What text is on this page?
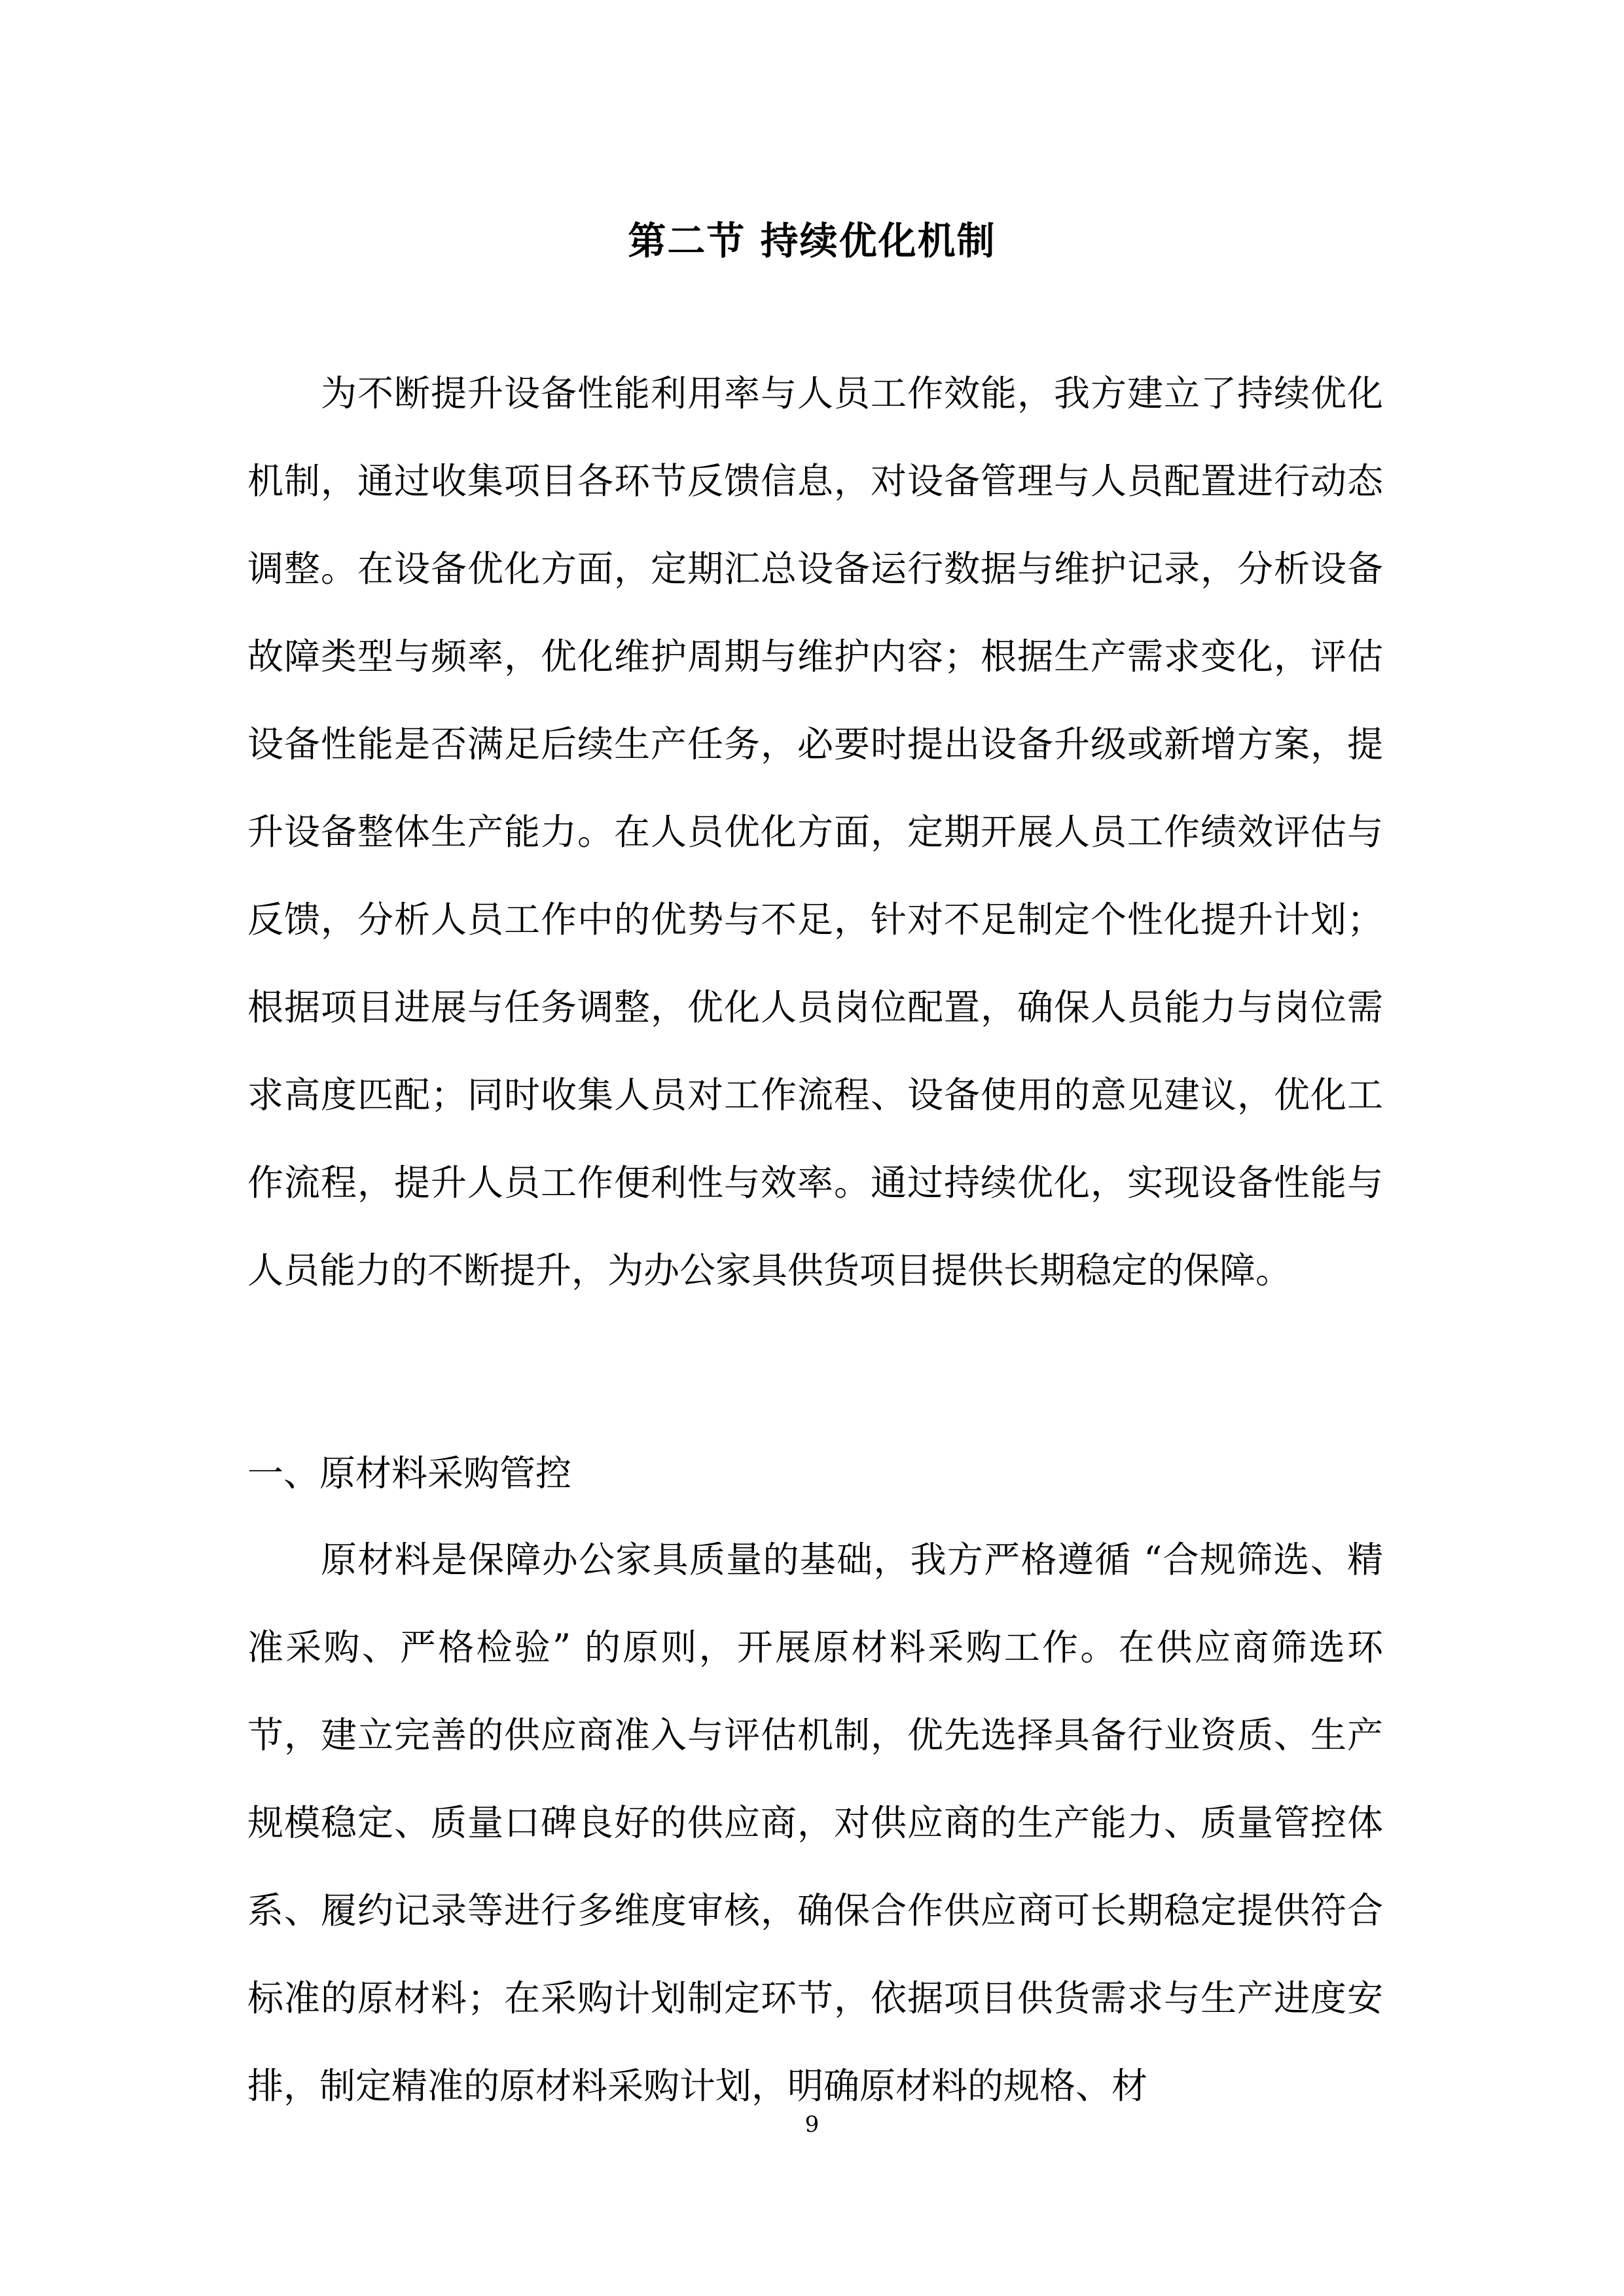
第二节 持续优化机制

为不断提升设备性能利用率与人员工作效能，我方建立了持续优化机制，通过收集项目各环节反馈信息，对设备管理与人员配置进行动态调整。在设备优化方面，定期汇总设备运行数据与维护记录，分析设备故障类型与频率，优化维护周期与维护内容；根据生产需求变化，评估设备性能是否满足后续生产任务，必要时提出设备升级或新增方案，提升设备整体生产能力。在人员优化方面，定期开展人员工作绩效评估与反馈，分析人员工作中的优势与不足，针对不足制定个性化提升计划；根据项目进展与任务调整，优化人员岗位配置，确保人员能力与岗位需求高度匹配；同时收集人员对工作流程、设备使用的意见建议，优化工作流程，提升人员工作便利性与效率。通过持续优化，实现设备性能与人员能力的不断提升，为办公家具供货项目提供长期稳定的保障。

一、原材料采购管控

原材料是保障办公家具质量的基础，我方严格遵循 “合规筛选、精准采购、严格检验” 的原则，开展原材料采购工作。在供应商筛选环节，建立完善的供应商准入与评估机制，优先选择具备行业资质、生产规模稳定、质量口碑良好的供应商，对供应商的生产能力、质量管控体系、履约记录等进行多维度审核，确保合作供应商可长期稳定提供符合标准的原材料；在采购计划制定环节，依据项目供货需求与生产进度安排，制定精准的原材料采购计划，明确原材料的规格、材

9
